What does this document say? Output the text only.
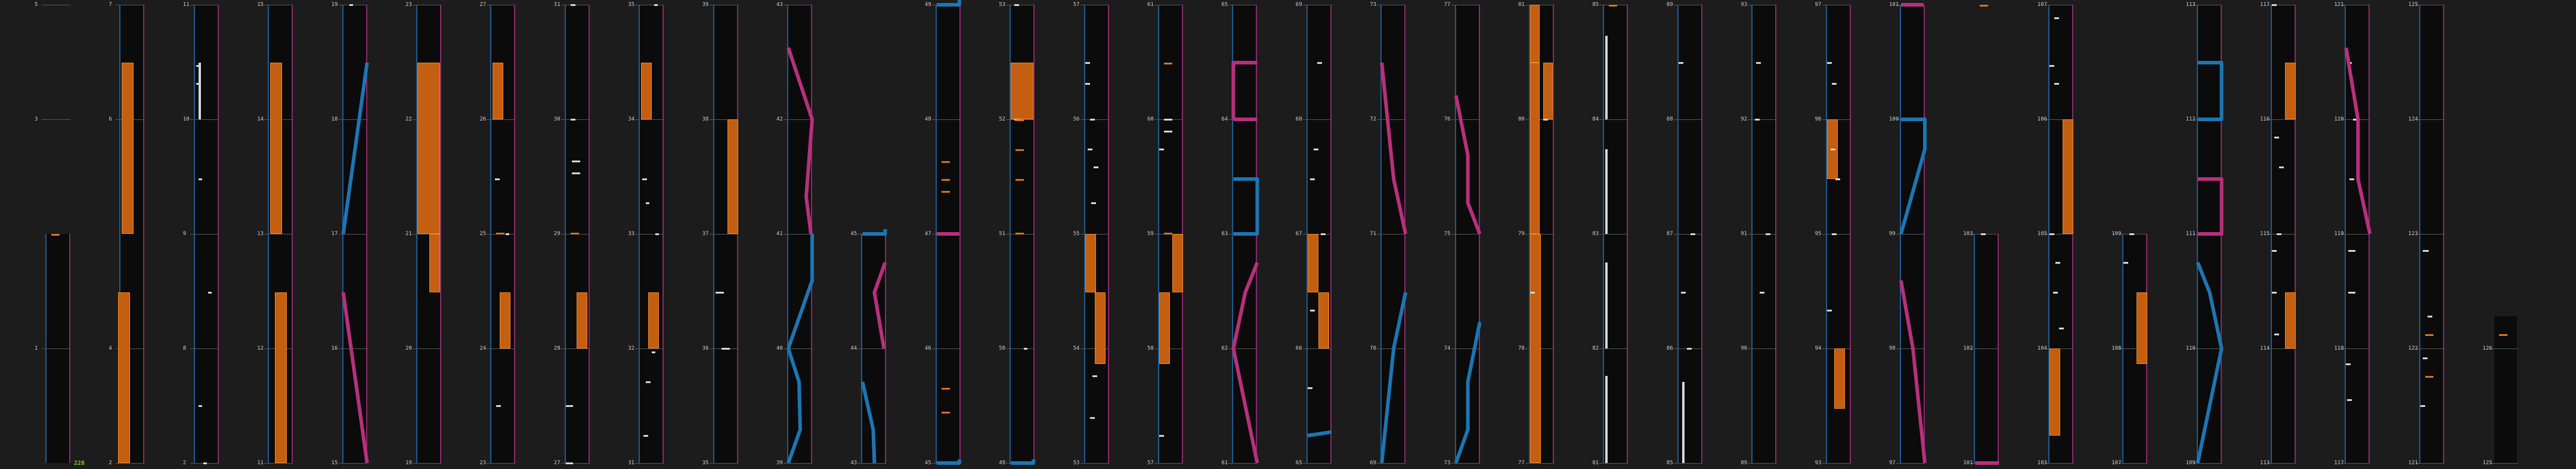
5
3
1
7
6
4
2
11
10
9
8
2
15
14
13
12
11
19
18
17
16
15
23
22
21
20
19
27
26
25
24
23
31
30
29
28
27
35
34
33
32
31
39
38
37
36
35
43
42
41
40
39
45
44
43
49
48
47
46
45
53
52
51
50
49
57
56
55
54
53
61
60
59
58
57
65
64
63
62
61
69
68
67
66
65
73
72
71
70
69
77
76
75
74
73
81
80
79
78
77
85
84
83
82
81
89
88
87
86
85
93
92
91
90
89
97
96
95
94
93
101
100
99
98
97
103
102
101
107
106
105
104
103
109
108
107
113
112
111
110
109
117
116
115
114
113
121
120
119
118
117
125
124
123
122
121
126
125
228
